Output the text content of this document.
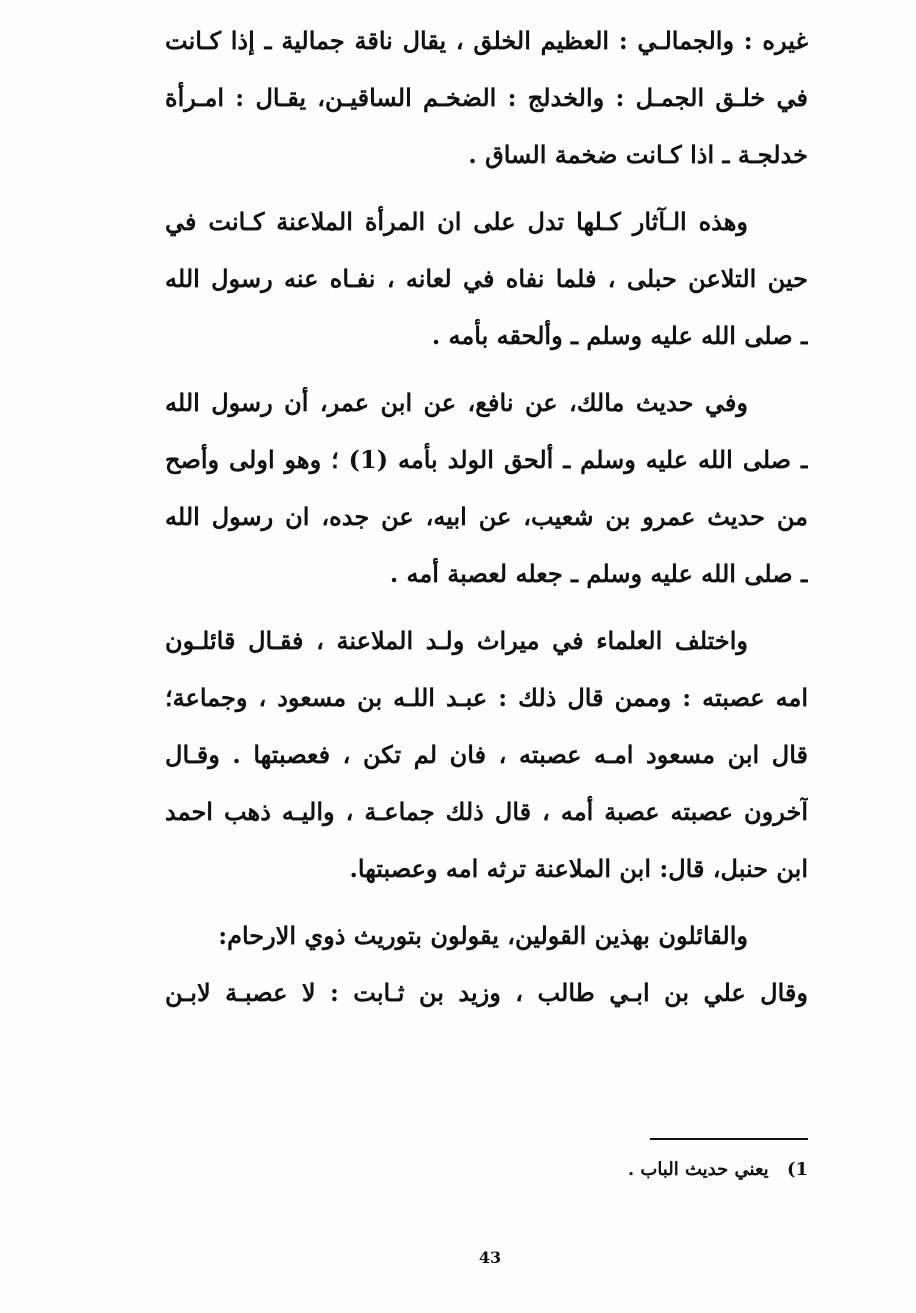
غيره : والجمالـي : العظيم الخلق ، يقال ناقة جمالية ـ إذا كـانت
في خلـق الجمـل : والخدلج : الضخـم الساقيـن، يقـال : امـرأة
خدلجـة ـ اذا كـانت ضخمة الساق .
وهذه الـآثار كـلها تدل على ان المرأة الملاعنة كـانت في
حين التلاعن حبلى ، فلما نفاه في لعانه ، نفـاه عنه رسول الله
ـ صلى الله عليه وسلم ـ وألحقه بأمه .
وفي حديث مالك، عن نافع، عن ابن عمر، أن رسول الله
ـ صلى الله عليه وسلم ـ ألحق الولد بأمه (1) ؛ وهو اولى وأصح
من حديث عمرو بن شعيب، عن ابيه، عن جده، ان رسول الله
ـ صلى الله عليه وسلم ـ جعله لعصبة أمه .
واختلف العلماء في ميراث ولـد الملاعنة ، فقـال قائلـون
امه عصبته : وممن قال ذلك : عبـد اللـه بن مسعود ، وجماعة؛
قال ابن مسعود امـه عصبته ، فان لم تكن ، فعصبتها . وقـال
آخرون عصبته عصبة أمه ، قال ذلك جماعـة ، واليـه ذهب احمد
ابن حنبل، قال: ابن الملاعنة ترثه امه وعصبتها.
والقائلون بهذين القولين، يقولون بتوريث ذوي الارحام:
وقال علي بن ابـي طالب ، وزيد بن ثـابت : لا عصبـة لابـن
1) يعني حديث الباب .
43
